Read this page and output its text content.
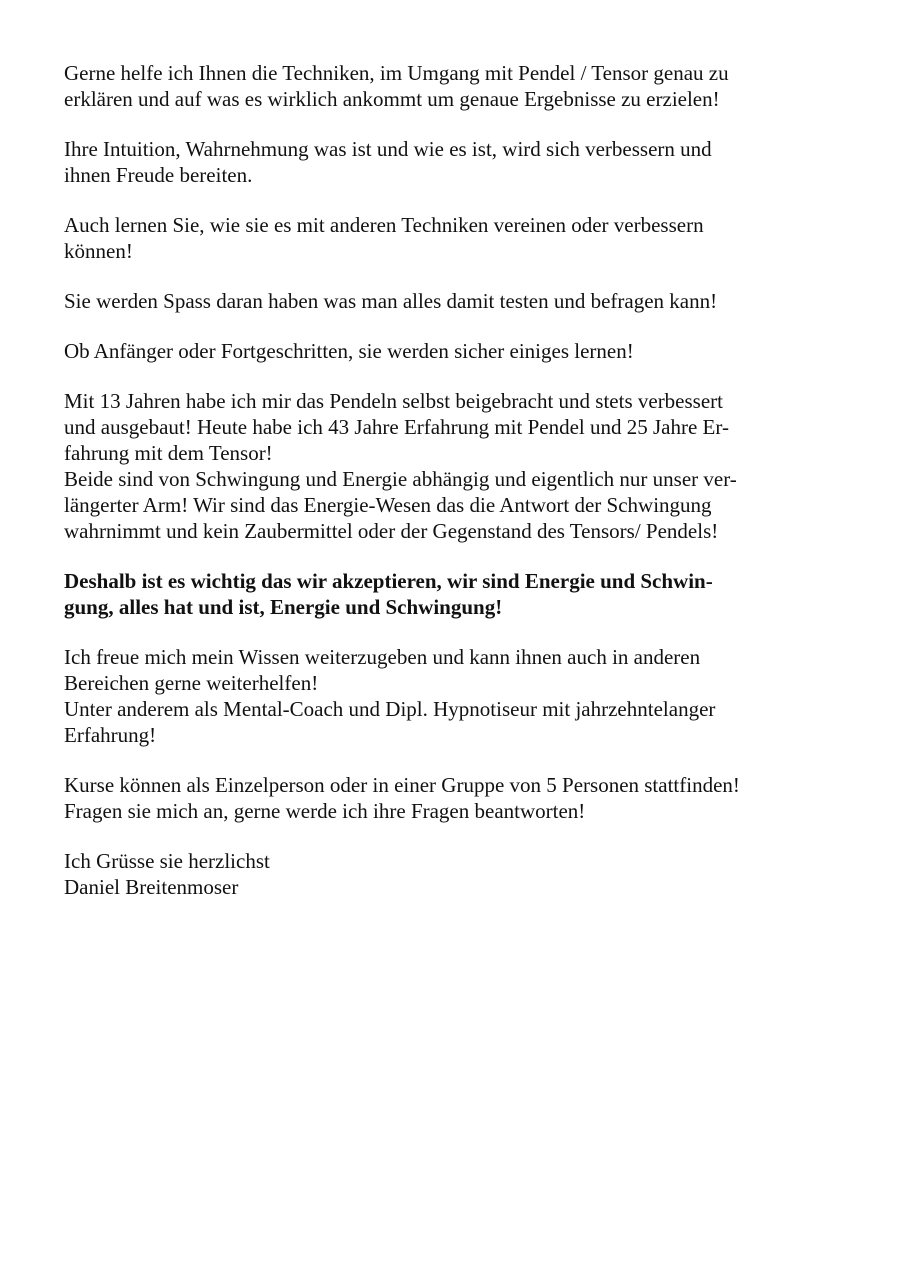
Gerne helfe ich Ihnen die Techniken, im Umgang mit Pendel / Tensor genau zu
erklären und auf was es wirklich ankommt um genaue Ergebnisse zu erzielen!

Ihre Intuition, Wahrnehmung was ist und wie es ist, wird sich verbessern und
ihnen Freude bereiten.

Auch lernen Sie, wie sie es mit anderen Techniken vereinen oder verbessern
können!

Sie werden Spass daran haben was man alles damit testen und befragen kann!

Ob Anfänger oder Fortgeschritten, sie werden sicher einiges lernen!

Mit 13 Jahren habe ich mir das Pendeln selbst beigebracht und stets verbessert
und ausgebaut! Heute habe ich 43 Jahre Erfahrung mit Pendel und 25 Jahre Er-
fahrung mit dem Tensor!
Beide sind von Schwingung und Energie abhängig und eigentlich nur unser ver-
längerter Arm! Wir sind das Energie-Wesen das die Antwort der Schwingung
wahrnimmt und kein Zaubermittel oder der Gegenstand des Tensors/ Pendels!

Deshalb ist es wichtig das wir akzeptieren, wir sind Energie und Schwin-
gung, alles hat und ist, Energie und Schwingung!

Ich freue mich mein Wissen weiterzugeben und kann ihnen auch in anderen
Bereichen gerne weiterhelfen!
Unter anderem als Mental-Coach und Dipl. Hypnotiseur mit jahrzehntelanger
Erfahrung!

Kurse können als Einzelperson oder in einer Gruppe von 5 Personen stattfinden!
Fragen sie mich an, gerne werde ich ihre Fragen beantworten!

Ich Grüsse sie herzlichst
Daniel Breitenmoser
